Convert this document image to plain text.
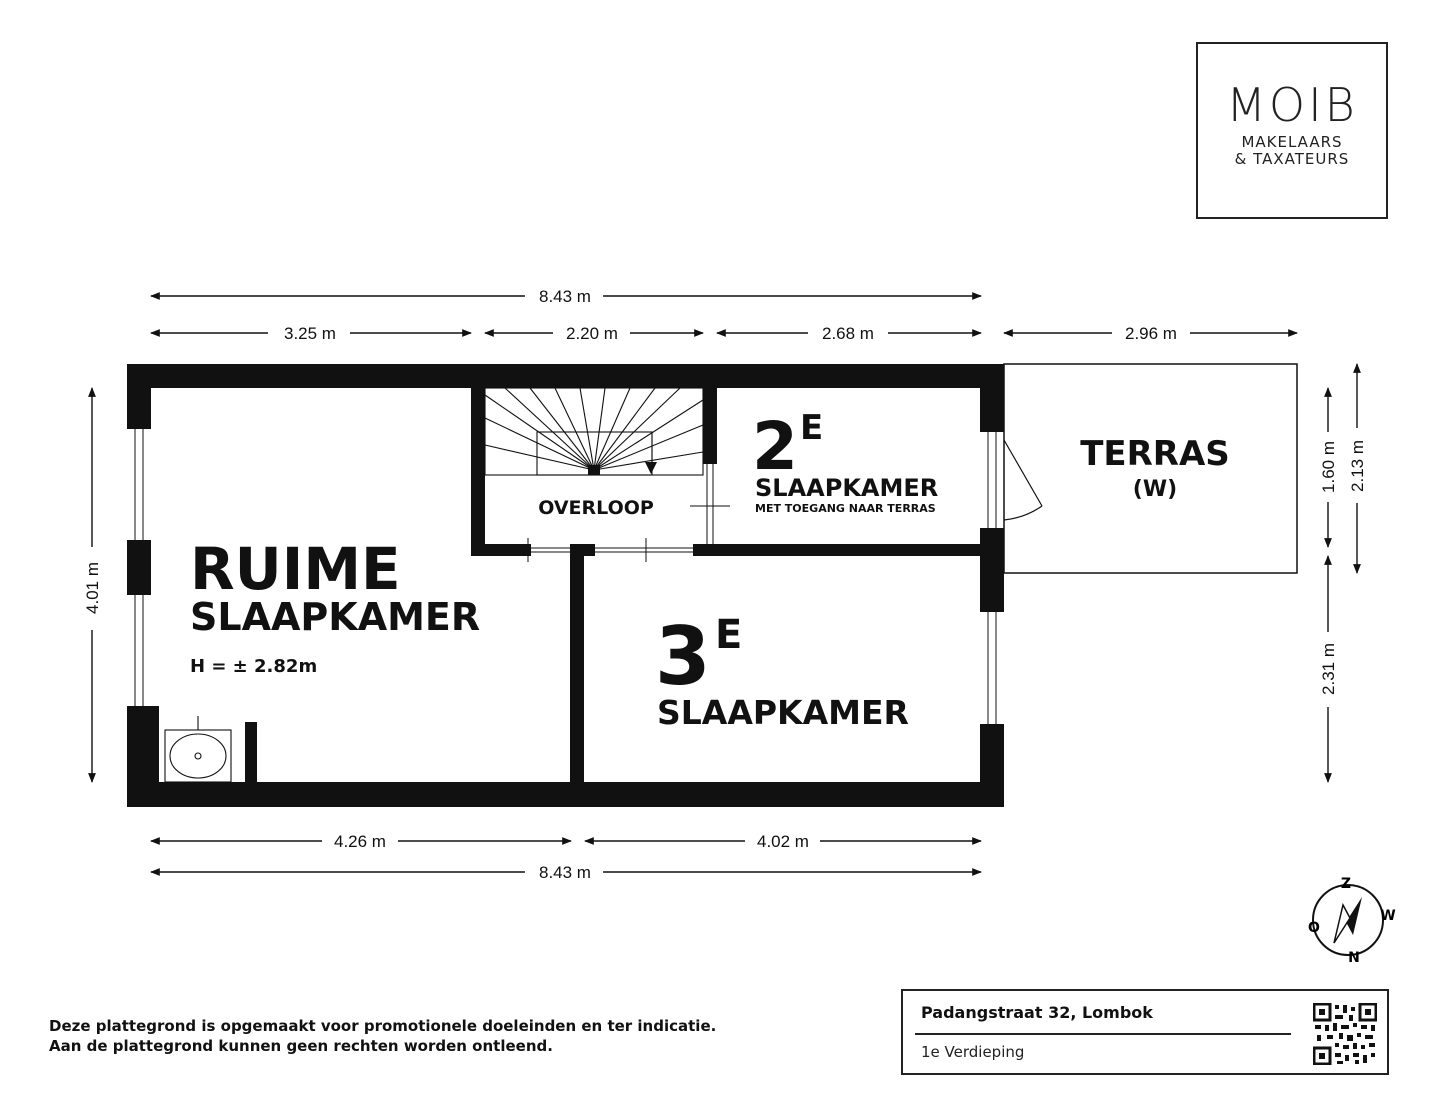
MOIB
MAKELAARS
& TAXATEURS
8.43 m
3.25 m	2.20 m	2.68 m	2.96 m
4.01 m
1.60 m 2.13 m
2.31 m
4.26 m	4.02 m
8.43 m
RUIME
SLAAPKAMER
H = ± 2.82m
OVERLOOP
2 E
SLAAPKAMER
MET TOEGANG NAAR TERRAS
TERRAS
(W)
3 E
SLAAPKAMER
Z
N
O
W
Deze plattegrond is opgemaakt voor promotionele doeleinden en ter indicatie.
Aan de plattegrond kunnen geen rechten worden ontleend.
Padangstraat 32, Lombok
1e Verdieping
